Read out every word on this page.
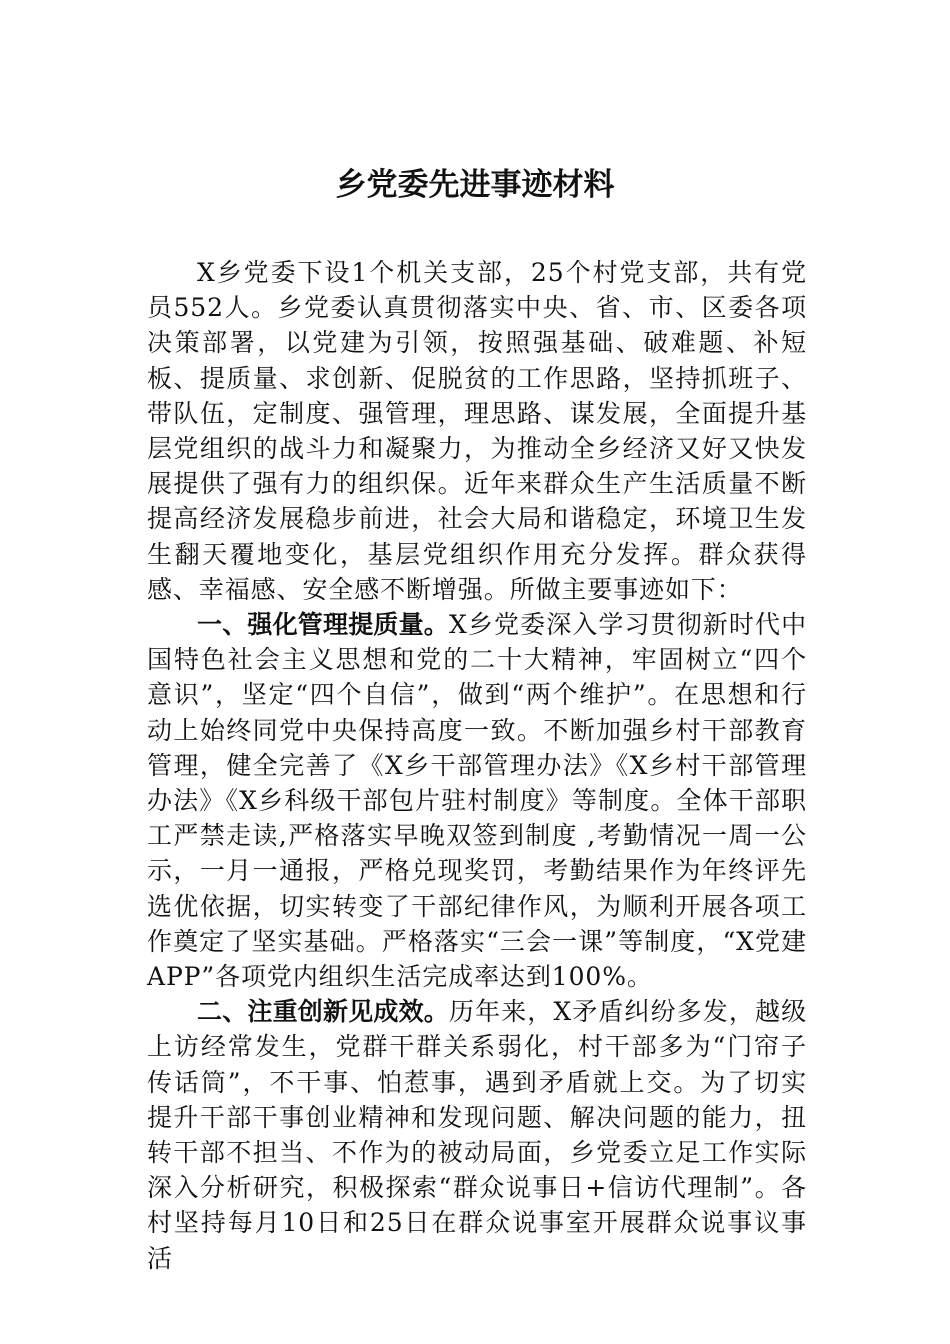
乡党委先进事迹材料

X乡党委下设1个机关支部，25个村党支部，共有党员552人。乡党委认真贯彻落实中央、省、市、区委各项决策部署，以党建为引领，按照强基础、破难题、补短板、提质量、求创新、促脱贫的工作思路，坚持抓班子、带队伍，定制度、强管理，理思路、谋发展，全面提升基层党组织的战斗力和凝聚力，为推动全乡经济又好又快发展提供了强有力的组织保。近年来群众生产生活质量不断提高经济发展稳步前进，社会大局和谐稳定，环境卫生发生翻天覆地变化，基层党组织作用充分发挥。群众获得感、幸福感、安全感不断增强。所做主要事迹如下：

一、强化管理提质量。X乡党委深入学习贯彻新时代中国特色社会主义思想和党的二十大精神，牢固树立“四个意识”，坚定“四个自信”，做到“两个维护”。在思想和行动上始终同党中央保持高度一致。不断加强乡村干部教育管理，健全完善了《X乡干部管理办法》《X乡村干部管理办法》《X乡科级干部包片驻村制度》等制度。全体干部职工严禁走读,严格落实早晚双签到制度 ,考勤情况一周一公示，一月一通报，严格兑现奖罚，考勤结果作为年终评先选优依据，切实转变了干部纪律作风，为顺利开展各项工作奠定了坚实基础。严格落实“三会一课”等制度，“X党建APP”各项党内组织生活完成率达到100%。

二、注重创新见成效。历年来，X矛盾纠纷多发，越级上访经常发生，党群干群关系弱化，村干部多为“门帘子传话筒”，不干事、怕惹事，遇到矛盾就上交。为了切实提升干部干事创业精神和发现问题、解决问题的能力，扭转干部不担当、不作为的被动局面，乡党委立足工作实际深入分析研究，积极探索“群众说事日+信访代理制”。各村坚持每月10日和25日在群众说事室开展群众说事议事活
